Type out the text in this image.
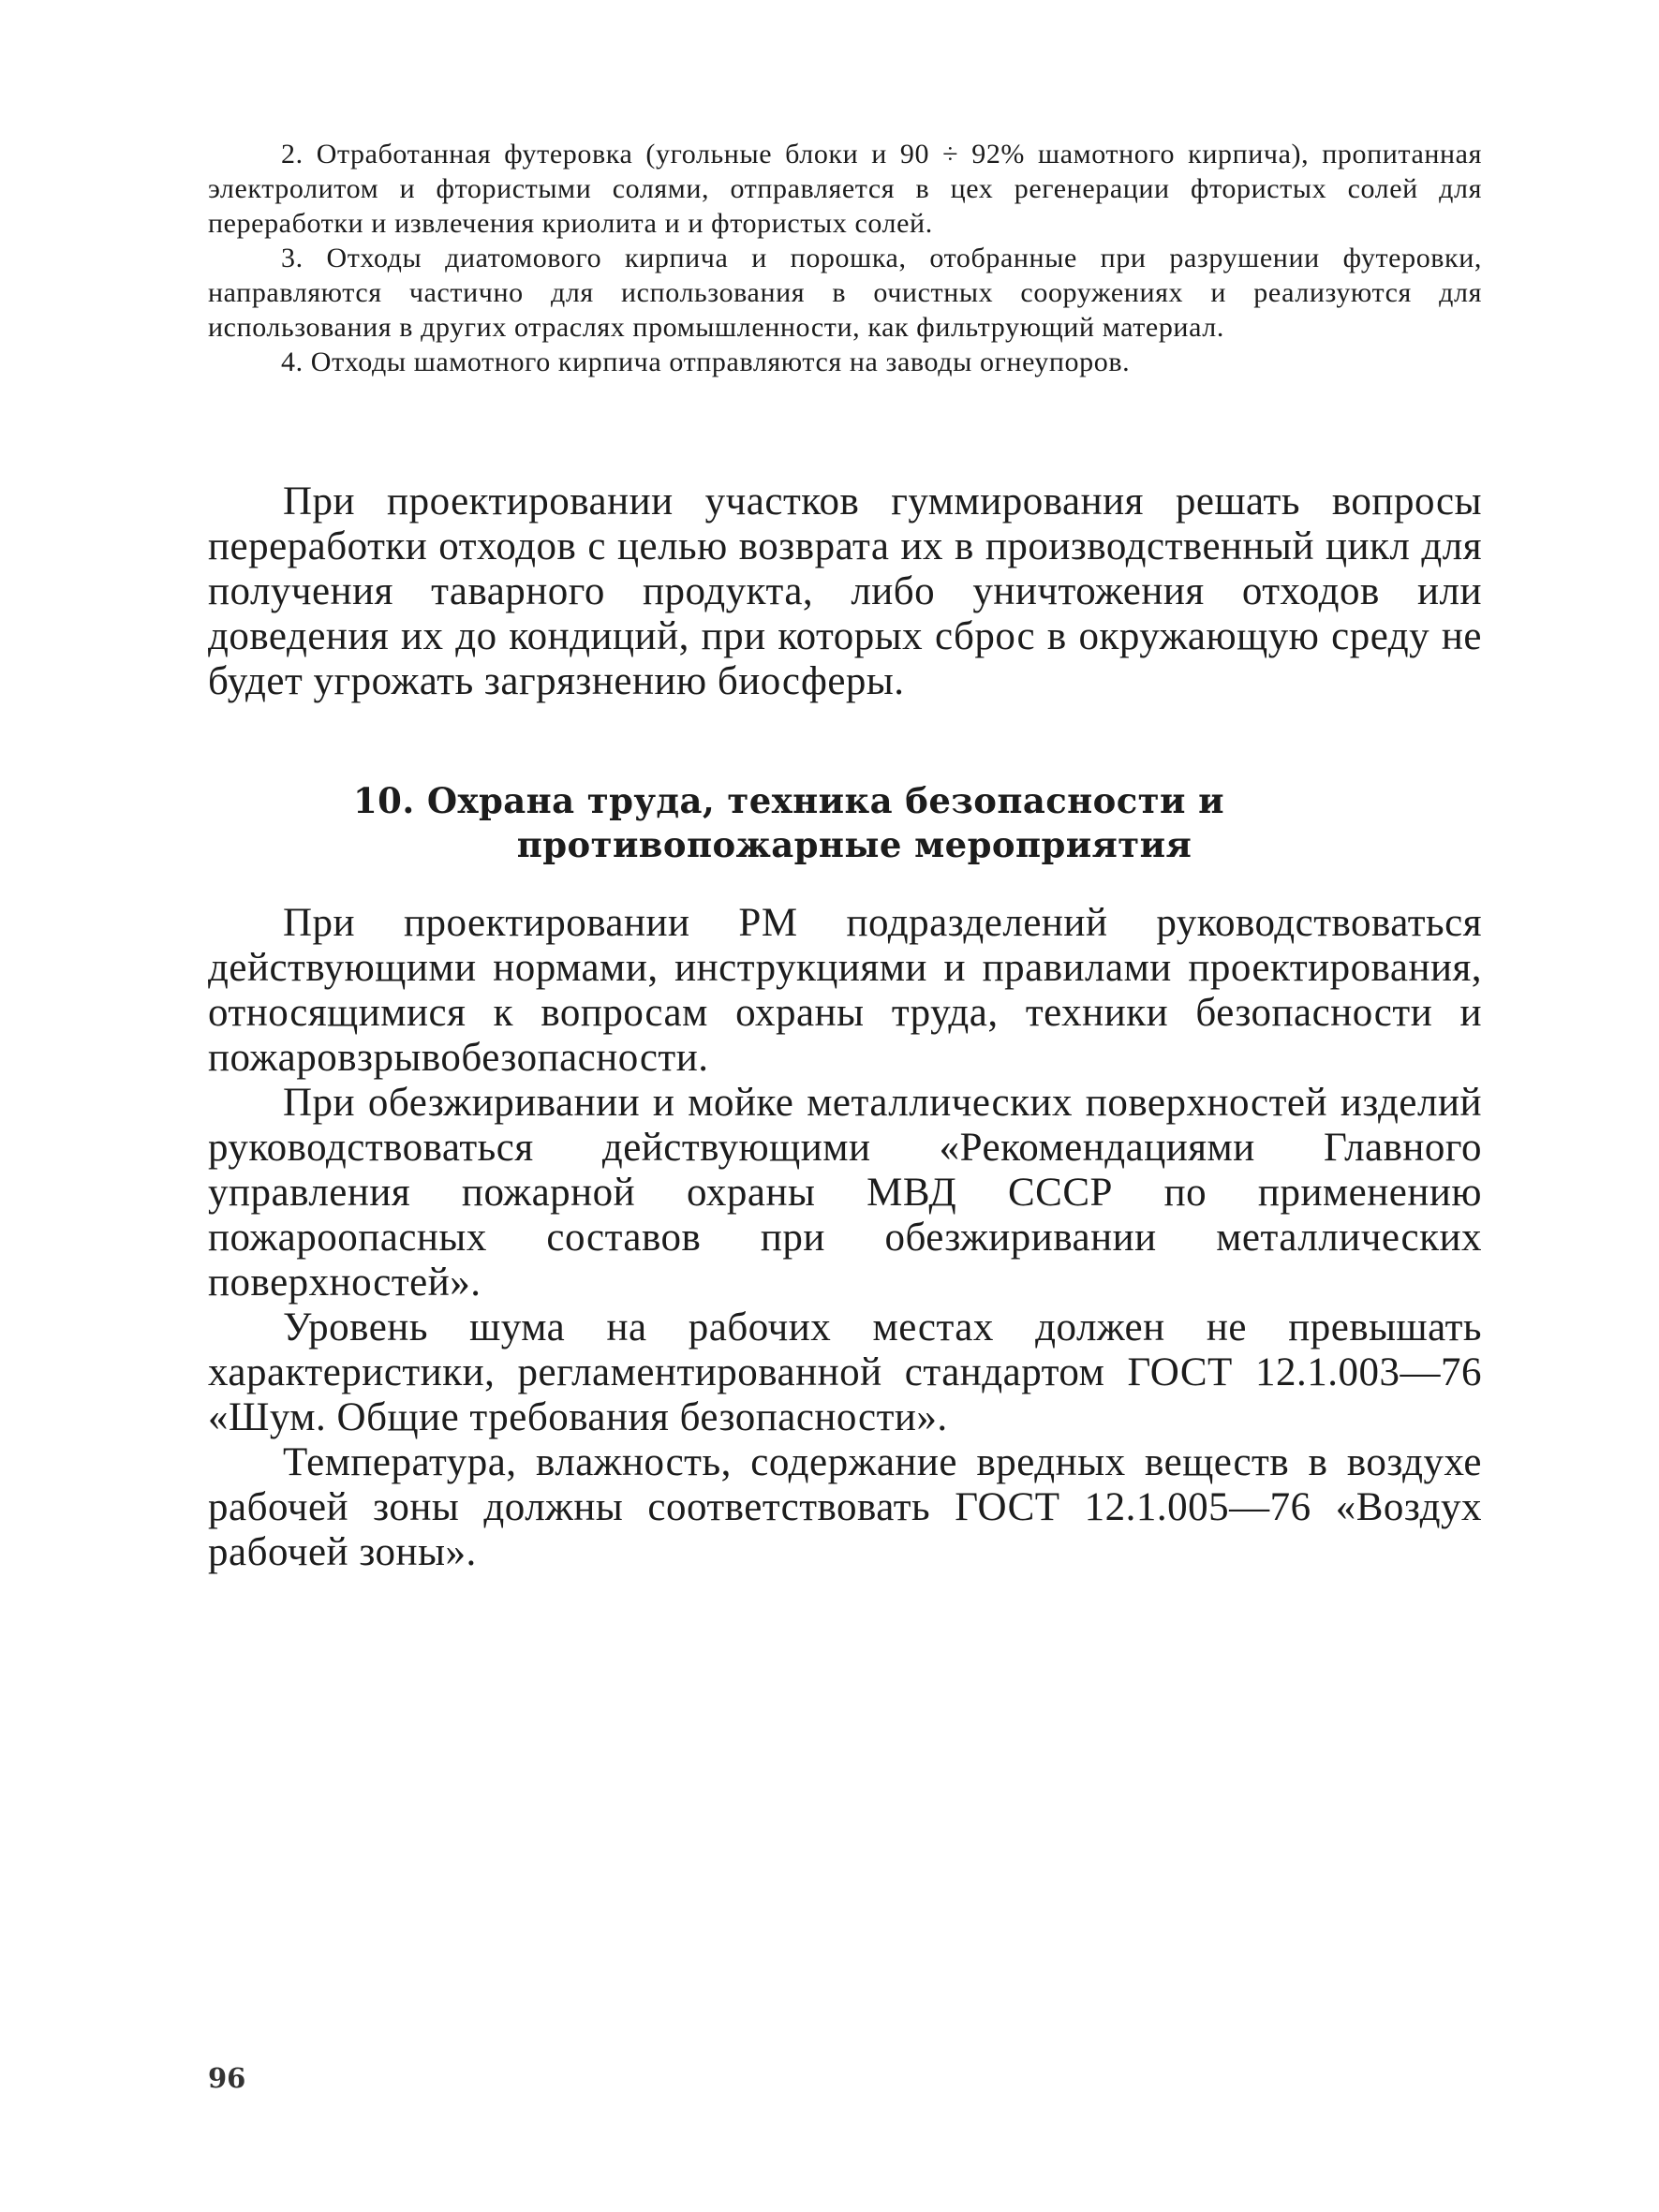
2. Отработанная футеровка (угольные блоки и 90 ÷ 92% шамотного кирпича), пропитанная электролитом и фтористыми солями, отправляется в цех регенерации фтористых солей для переработки и извлечения криолита и и фтористых солей.

3. Отходы диатомового кирпича и порошка, отобранные при разрушении футеровки, направляются частично для использования в очистных сооружениях и реализуются для использования в других отраслях промышленности, как фильтрующий материал.

4. Отходы шамотного кирпича отправляются на заводы огнеупоров.

При проектировании участков гуммирования решать вопросы переработки отходов с целью возврата их в производственный цикл для получения таварного продукта, либо уничтожения отходов или доведения их до кондиций, при которых сброс в окружающую среду не будет угрожать загрязнению биосферы.

10. Охрана труда, техника безопасности и
противопожарные мероприятия

При проектировании РМ подразделений руководствоваться действующими нормами, инструкциями и правилами проектирования, относящимися к вопросам охраны труда, техники безопасности и пожаровзрывобезопасности.

При обезжиривании и мойке металлических поверхностей изделий руководствоваться действующими «Рекомендациями Главного управления пожарной охраны МВД СССР по применению пожароопасных составов при обезжиривании металлических поверхностей».

Уровень шума на рабочих местах должен не превышать характеристики, регламентированной стандартом ГОСТ 12.1.003—76 «Шум. Общие требования безопасности».

Температура, влажность, содержание вредных веществ в воздухе рабочей зоны должны соответствовать ГОСТ 12.1.005—76 «Воздух рабочей зоны».

96
